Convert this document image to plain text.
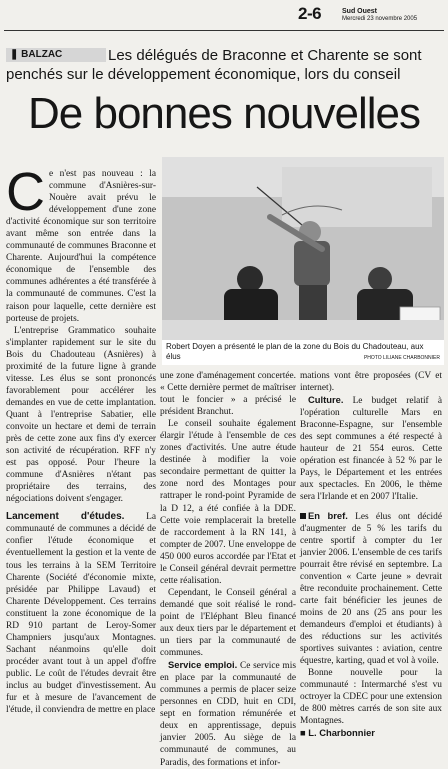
2-6	Sud Ouest
Mercredi 23 novembre 2005
Les délégués de Braconne et Charente se sont penchés sur le développement économique, lors du conseil
❚ BALZAC
De bonnes nouvelles
Robert Doyen a présenté le plan de la zone du Bois du Chadouteau, aux élus	PHOTO LILIANE CHARBONNIER

Ce n'est pas nouveau : la commune d'Asnières-sur-Nouère avait prévu le développement d'une zone d'activité économique sur son territoire avant même son entrée dans la communauté de communes Braconne et Charente. Aujourd'hui la compétence économique de l'ensemble des communes adhérentes a été transférée à la communauté de communes. C'est la raison pour laquelle, cette dernière est porteuse de projets.

L'entreprise Grammatico souhaite s'implanter rapidement sur le site du Bois du Chadouteau (Asnières) à proximité de la future ligne à grande vitesse. Les élus se sont prononcés favorablement pour accélérer les demandes en vue de cette implantation. Quant à l'entreprise Sabatier, elle convoite un hectare et demi de terrain près de cette zone aux fins d'y exercer son activité de récupération. RFF n'y est pas opposé. Pour l'heure la commune d'Asnières n'étant pas propriétaire des terrains, des négociations doivent s'engager.

Lancement d'études. La communauté de communes a décidé de confier l'étude économique et éventuellement la gestion et la vente de tous les terrains à la SEM Territoire Charente (Société d'économie mixte, présidée par Philippe Lavaud) et Charente Développement. Ces terrains constituent la zone économique de la RD 910 partant de Leroy-Somer Champniers jusqu'aux Montagnes. Sachant néanmoins qu'elle doit procéder avant tout à un appel d'offre public. Le coût de l'études devrait être inclus au budget d'investissement. Au fur et à mesure de l'avancement de l'étude, il conviendra de mettre en place

une zone d'aménagement concertée. « Cette dernière permet de maîtriser tout le foncier » a précisé le président Branchut.

Le conseil souhaite également élargir l'étude à l'ensemble de ces zones d'activités. Une autre étude destinée à modifier la voie secondaire permettant de quitter la zone nord des Montages pour rattraper le rond-point Pyramide de la D 12, a été confiée à la DDE. Cette voie remplacerait la bretelle de raccordement à la RN 141, à compter de 2007. Une enveloppe de 450 000 euros accordée par l'Etat et le Conseil général devrait permettre cette réalisation.

Cependant, le Conseil général a demandé que soit réalisé le rond-point de l'Eléphant Bleu financé aux deux tiers par le département et un tiers par la communauté de communes.

Service emploi. Ce service mis en place par la communauté de communes a permis de placer seize personnes en CDD, huit en CDI, sept en formation rémunérée et deux en apprentissage, depuis janvier 2005. Au siège de la communauté de communes, au Paradis, des formations et infor-

mations vont être proposées (CV et internet).

Culture. Le budget relatif à l'opération culturelle Mars en Braconne-Espagne, sur l'ensemble des sept communes a été respecté à hauteur de 21 554 euros. Cette opération est financée à 52 % par le Pays, le Département et les entrées aux spectacles. En 2006, le thème sera l'Irlande et en 2007 l'Italie.

En bref. Les élus ont décidé d'augmenter de 5 % les tarifs du centre sportif à compter du 1er janvier 2006. L'ensemble de ces tarifs pourrait être révisé en septembre. La convention « Carte jeune » devrait être reconduite prochainement. Cette carte fait bénéficier les jeunes de moins de 20 ans (25 ans pour les demandeurs d'emploi et étudiants) à des réductions sur les activités sportives suivantes : aviation, centre équestre, karting, quad et vol à voile.

Bonne nouvelle pour la communauté : Intermarché s'est vu octroyer la CDEC pour une extension de 800 mètres carrés de son site aux Montagnes.

■ L. Charbonnier
